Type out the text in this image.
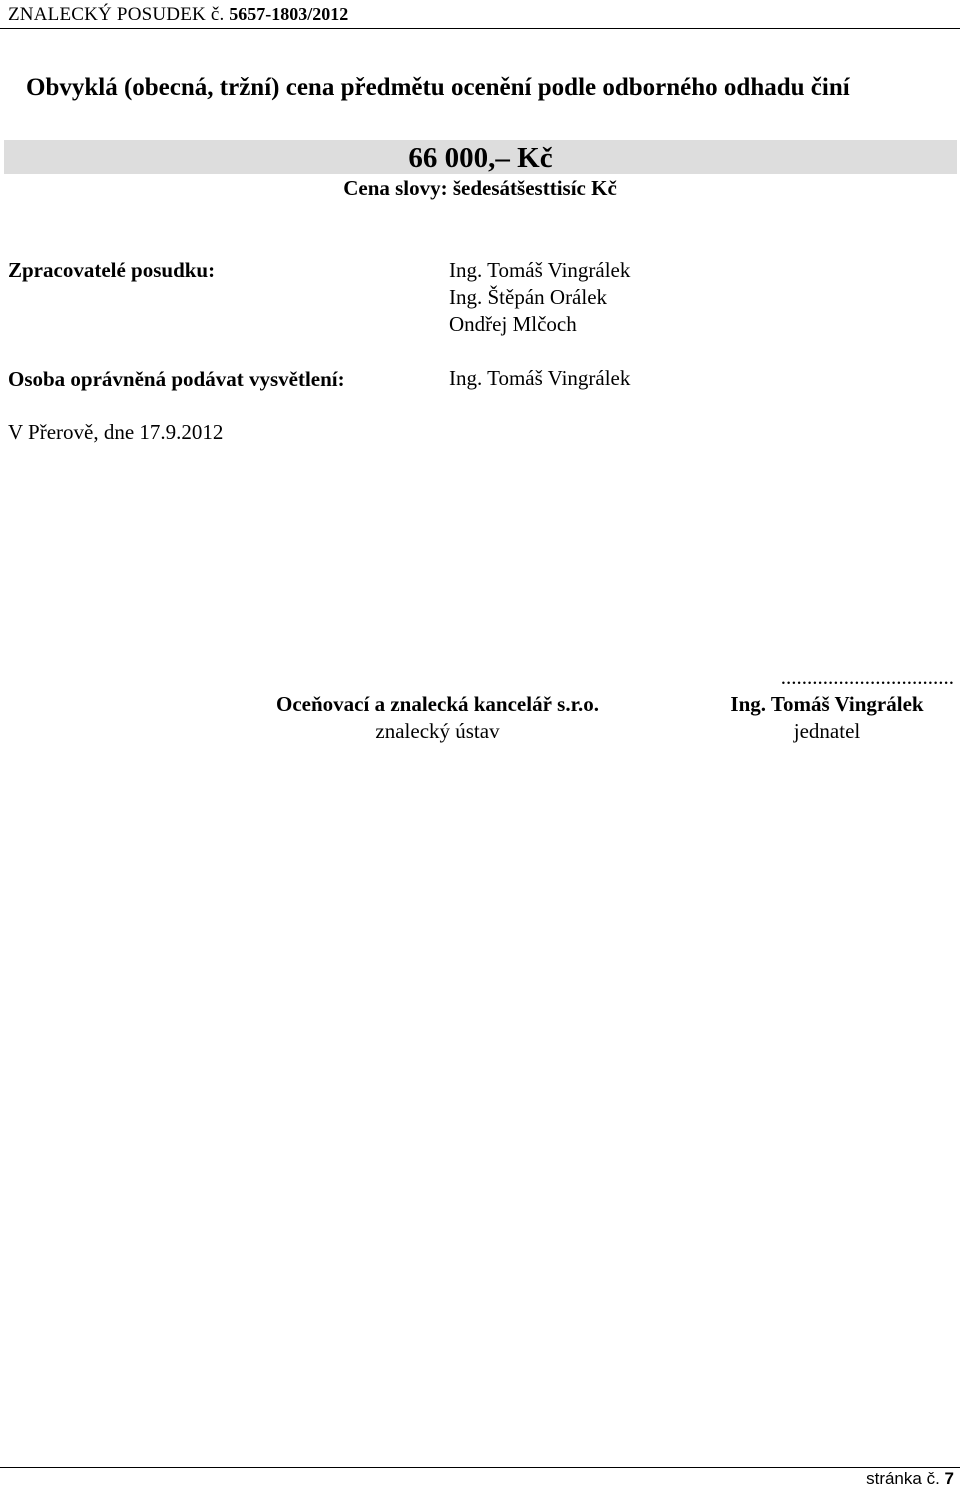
ZNALECKÝ POSUDEK č. 5657-1803/2012
Obvyklá (obecná, tržní) cena předmětu ocenění podle odborného odhadu činí
66 000,– Kč
Cena slovy: šedesátšesttisíc Kč
Zpracovatelé posudku:	Ing. Tomáš Vingrálek
Ing. Štěpán Orálek
Ondřej Mlčoch
Osoba oprávněná podávat vysvětlení:	Ing. Tomáš Vingrálek
V Přerově, dne 17.9.2012
Oceňovací a znalecká kancelář s.r.o.
znalecký ústav
.................................
Ing. Tomáš Vingrálek
jednatel
stránka č. 7
